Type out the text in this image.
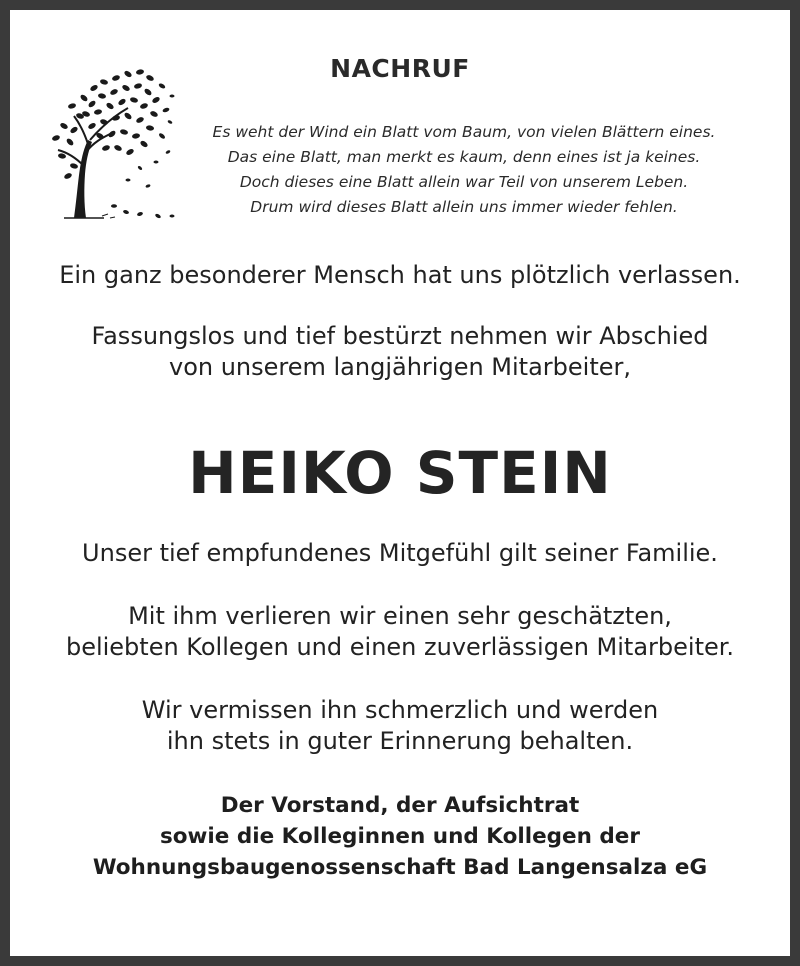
NACHRUF
Es weht der Wind ein Blatt vom Baum, von vielen Blättern eines.
Das eine Blatt, man merkt es kaum, denn eines ist ja keines.
Doch dieses eine Blatt allein war Teil von unserem Leben.
Drum wird dieses Blatt allein uns immer wieder fehlen.
Ein ganz besonderer Mensch hat uns plötzlich verlassen.
Fassungslos und tief bestürzt nehmen wir Abschied
von unserem langjährigen Mitarbeiter,
HEIKO STEIN
Unser tief empfundenes Mitgefühl gilt seiner Familie.
Mit ihm verlieren wir einen sehr geschätzten,
beliebten Kollegen und einen zuverlässigen Mitarbeiter.
Wir vermissen ihn schmerzlich und werden
ihn stets in guter Erinnerung behalten.
Der Vorstand, der Aufsichtrat
sowie die Kolleginnen und Kollegen der
Wohnungsbaugenossenschaft Bad Langensalza eG
